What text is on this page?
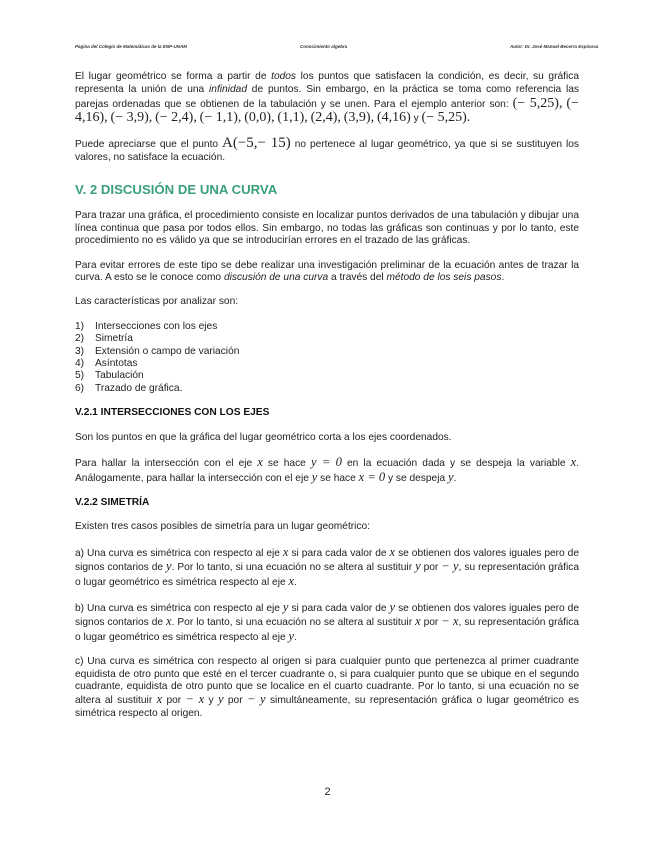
Pagina del Colegio de Matemáticas de la ENP-UNAM	Conocimiento algebra	Autor: Dr. José Manuel Becerra Espinosa

El lugar geométrico se forma a partir de todos los puntos que satisfacen la condición, es decir, su gráfica representa la unión de una infinidad de puntos. Sin embargo, en la práctica se toma como referencia las parejas ordenadas que se obtienen de la tabulación y se unen. Para el ejemplo anterior son: (− 5,25), (− 4,16), (− 3,9), (− 2,4), (− 1,1), (0,0), (1,1), (2,4), (3,9), (4,16) y (− 5,25).

Puede apreciarse que el punto A(−5,− 15) no pertenece al lugar geométrico, ya que si se sustituyen los valores, no satisface la ecuación.

V. 2 DISCUSIÓN DE UNA CURVA

Para trazar una gráfica, el procedimiento consiste en localizar puntos derivados de una tabulación y dibujar una línea continua que pasa por todos ellos. Sin embargo, no todas las gráficas son continuas y por lo tanto, este procedimiento no es válido ya que se introducirían errores en el trazado de las gráficas.

Para evitar errores de este tipo se debe realizar una investigación preliminar de la ecuación antes de trazar la curva. A esto se le conoce como discusión de una curva a través del método de los seis pasos.

Las características por analizar son:

1)	Intersecciones con los ejes
2)	Simetría
3)	Extensión o campo de variación
4)	Asíntotas
5)	Tabulación
6)	Trazado de gráfica.
V.2.1 INTERSECCIONES CON LOS EJES

Son los puntos en que la gráfica del lugar geométrico corta a los ejes coordenados.

Para hallar la intersección con el eje x se hace y = 0 en la ecuación dada y se despeja la variable x. Análogamente, para hallar la intersección con el eje y se hace x = 0 y se despeja y.

V.2.2 SIMETRÍA

Existen tres casos posibles de simetría para un lugar geométrico:

a) Una curva es simétrica con respecto al eje x si para cada valor de x se obtienen dos valores iguales pero de signos contarios de y. Por lo tanto, si una ecuación no se altera al sustituir y por − y, su representación gráfica o lugar geométrico es simétrica respecto al eje x.

b) Una curva es simétrica con respecto al eje y si para cada valor de y se obtienen dos valores iguales pero de signos contarios de x. Por lo tanto, si una ecuación no se altera al sustituir x por − x, su representación gráfica o lugar geométrico es simétrica respecto al eje y.

c) Una curva es simétrica con respecto al origen si para cualquier punto que pertenezca al primer cuadrante equidista de otro punto que esté en el tercer cuadrante o, si para cualquier punto que se ubique en el segundo cuadrante, equidista de otro punto que se localice en el cuarto cuadrante. Por lo tanto, si una ecuación no se altera al sustituir x por − x y y por − y simultáneamente, su representación gráfica o lugar geométrico es simétrica respecto al origen.

2
